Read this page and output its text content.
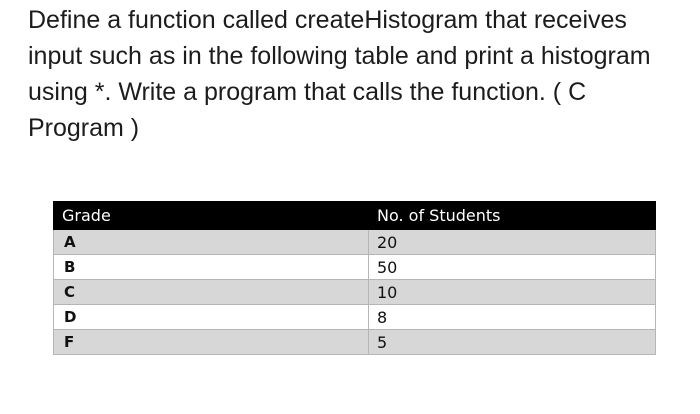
Define a function called createHistogram that receives input such as in the following table and print a histogram using *. Write a program that calls the function. ( C Program )

Grade	No. of Students
A	20
B	50
C	10
D	8
F	5
